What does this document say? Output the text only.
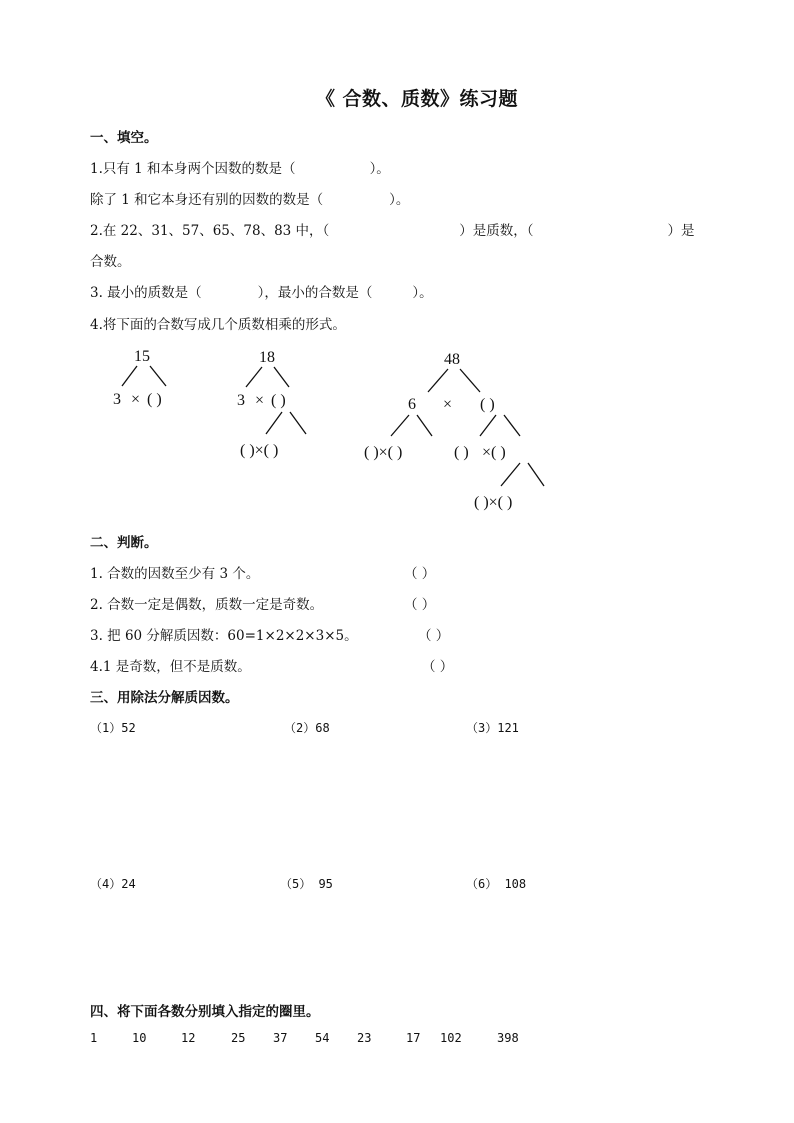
《 合数、质数》练习题
一、填空。
1.只有 1 和本身两个因数的数是（	）。
除了 1 和它本身还有别的因数的数是（	）。
2.在 22、31、57、65、78、83 中，（	）是质数，（	）是
合数。
3. 最小的质数是（	），最小的合数是（	）。
4.将下面的合数写成几个质数相乘的形式。
15
3 × ( )
18
3 × ( )
( )×( )
48
6 × ( )
( )×( )	( ) ×( )
( )×( )
二、判断。
1. 合数的因数至少有 3 个。	（ ）
2. 合数一定是偶数，质数一定是奇数。	（ ）
3. 把 60 分解质因数：60=1×2×2×3×5。	（ ）
4.1 是奇数，但不是质数。	（ ）
三、用除法分解质因数。
（1）52	（2）68	（3）121
（4）24	（5） 95	（6） 108
四、将下面各数分别填入指定的圈里。
1	10	12	25 37 54 23	17 102	398
